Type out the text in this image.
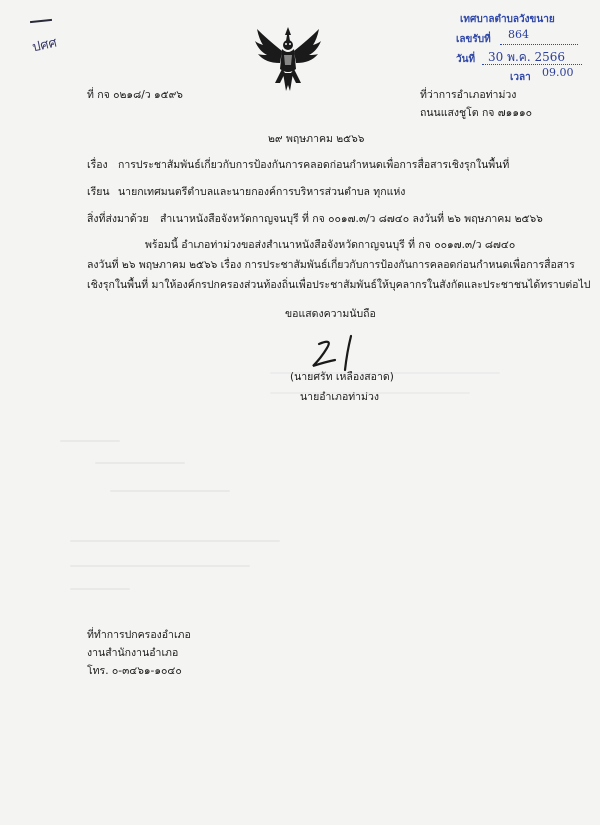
ปศศ
เทศบาลตำบลวังขนาย
เลขรับที่ 864
วันที่ 30 พ.ค. 2566
เวลา 09.00
ที่ กจ ๐๒๑๘/ว ๑๕๙๖	ที่ว่าการอำเภอท่าม่วง
ถนนแสงชูโต กจ ๗๑๑๑๐
๒๙ พฤษภาคม ๒๕๖๖
เรื่อง การประชาสัมพันธ์เกี่ยวกับการป้องกันการคลอดก่อนกำหนดเพื่อการสื่อสารเชิงรุกในพื้นที่
เรียน นายกเทศมนตรีตำบลและนายกองค์การบริหารส่วนตำบล ทุกแห่ง
สิ่งที่ส่งมาด้วย สำเนาหนังสือจังหวัดกาญจนบุรี ที่ กจ ๐๐๑๗.๓/ว ๘๗๔๐ ลงวันที่ ๒๖ พฤษภาคม ๒๕๖๖
พร้อมนี้ อำเภอท่าม่วงขอส่งสำเนาหนังสือจังหวัดกาญจนบุรี ที่ กจ ๐๐๑๗.๓/ว ๘๗๔๐
ลงวันที่ ๒๖ พฤษภาคม ๒๕๖๖ เรื่อง การประชาสัมพันธ์เกี่ยวกับการป้องกันการคลอดก่อนกำหนดเพื่อการสื่อสาร
เชิงรุกในพื้นที่ มาให้องค์กรปกครองส่วนท้องถิ่นเพื่อประชาสัมพันธ์ให้บุคลากรในสังกัดและประชาชนได้ทราบต่อไป
ขอแสดงความนับถือ
(นายศรัท เหลืองสอาด)
นายอำเภอท่าม่วง
ที่ทำการปกครองอำเภอ
งานสำนักงานอำเภอ
โทร. ๐-๓๔๖๑-๑๐๔๐
